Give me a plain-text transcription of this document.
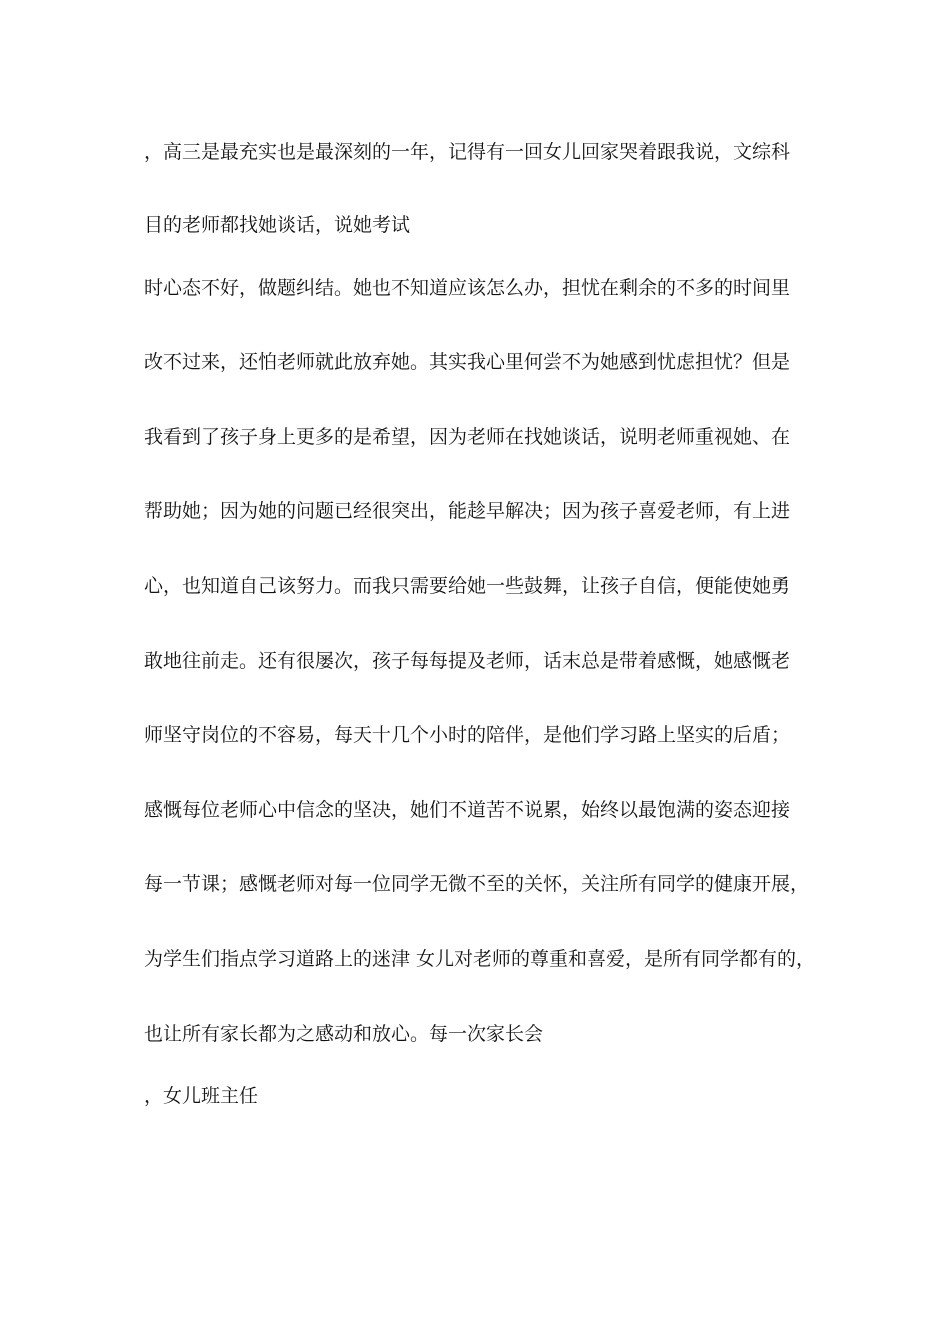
，高三是最充实也是最深刻的一年，记得有一回女儿回家哭着跟我说，文综科
目的老师都找她谈话，说她考试
时心态不好，做题纠结。她也不知道应该怎么办，担忧在剩余的不多的时间里
改不过来，还怕老师就此放弃她。其实我心里何尝不为她感到忧虑担忧？但是
我看到了孩子身上更多的是希望，因为老师在找她谈话，说明老师重视她、在
帮助她；因为她的问题已经很突出，能趁早解决；因为孩子喜爱老师，有上进
心，也知道自己该努力。而我只需要给她一些鼓舞，让孩子自信，便能使她勇
敢地往前走。还有很屡次，孩子每每提及老师，话末总是带着感慨，她感慨老
师坚守岗位的不容易，每天十几个小时的陪伴，是他们学习路上坚实的后盾；
感慨每位老师心中信念的坚决，她们不道苦不说累，始终以最饱满的姿态迎接
每一节课；感慨老师对每一位同学无微不至的关怀，关注所有同学的健康开展，
为学生们指点学习道路上的迷津 女儿对老师的尊重和喜爱，是所有同学都有的，
也让所有家长都为之感动和放心。每一次家长会
，女儿班主任
